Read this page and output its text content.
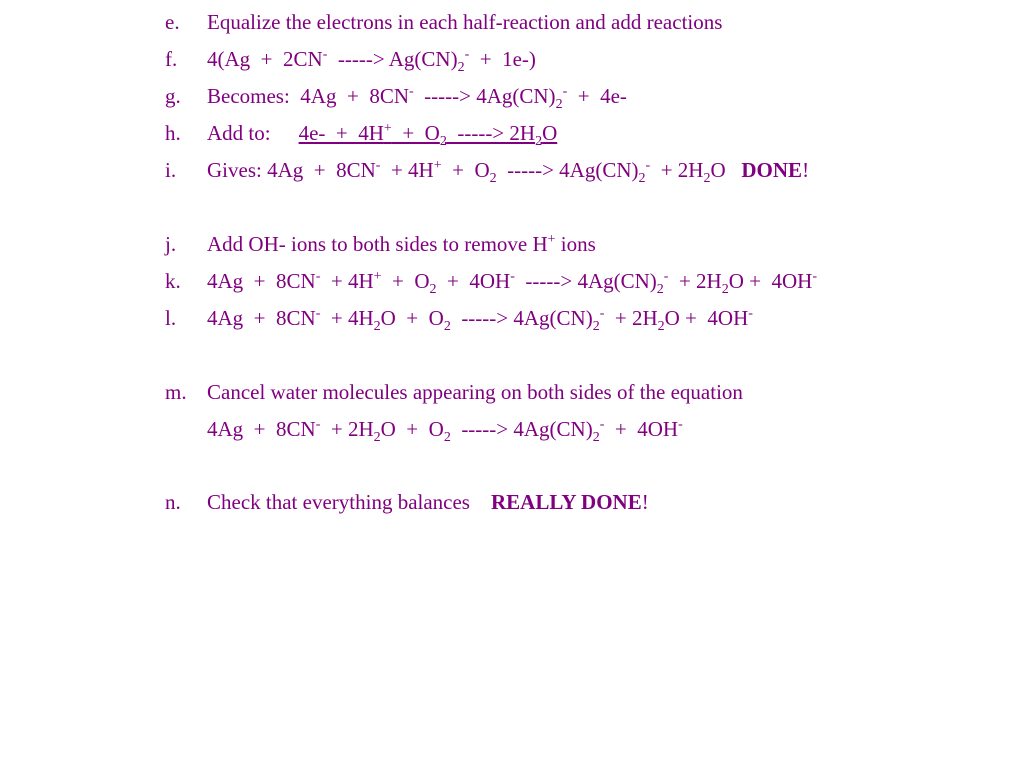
e.

Equalize the electrons in each half-reaction and add reactions

f.

4(Ag  +  2CN-  -----> $Ag(CN)_2^- + 1e-$)

g.

Becomes:  4Ag  +  8CN-  -----> $4Ag(CN)_2^- + 4e-$

h.

Add to: $4e- + 4H^+ + O_2$  -----> $2H_2O$

i.

Gives: $4Ag + 8CN^- + 4H^+ + O_2$  -----> $4Ag(CN)_2^- + 2H_2O$   DONE!

j.

Add OH- ions to both sides to remove H+ ions

k.

$4Ag + 8CN^- + 4H^+ + O_2 + 4OH^-$  -----> $4Ag(CN)_2^- + 2H_2O + 4OH^-$

l.

$4Ag + 8CN^- + 4H_2O + O_2$  -----> $4Ag(CN)_2^- + 2H_2O + 4OH^-$

m.

Cancel water molecules appearing on both sides of the equation

$4Ag + 8CN^- + 2H_2O + O_2$  -----> $4Ag(CN)_2^- + 4OH^-$

n.

Check that everything balances    REALLY DONE!
